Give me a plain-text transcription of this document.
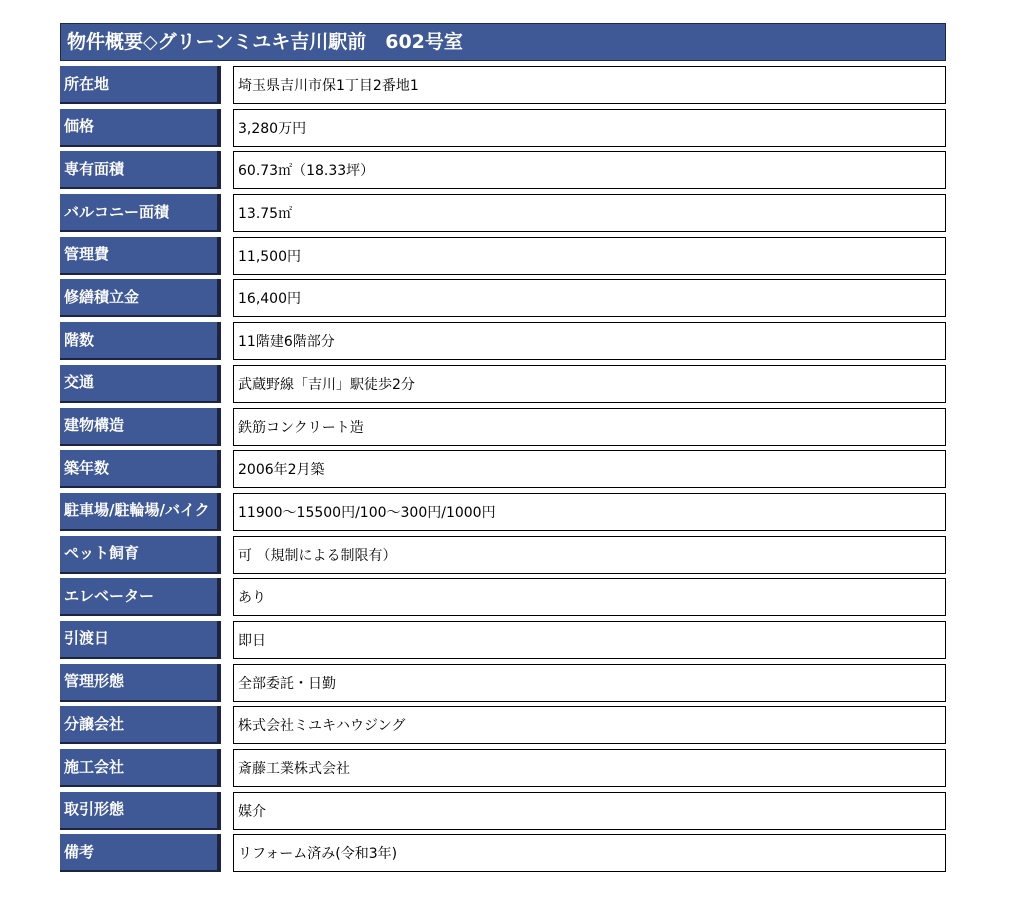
物件概要◇グリーンミユキ吉川駅前　602号室
所在地	埼玉県吉川市保1丁目2番地1
価格	3,280万円
専有面積	60.73㎡（18.33坪）
バルコニー面積	13.75㎡
管理費	11,500円
修繕積立金	16,400円
階数	11階建6階部分
交通	武蔵野線「吉川」駅徒歩2分
建物構造	鉄筋コンクリート造
築年数	2006年2月築
駐車場/駐輪場/バイク	11900～15500円/100～300円/1000円
ペット飼育	可 （規制による制限有）
エレベーター	あり
引渡日	即日
管理形態	全部委託・日勤
分譲会社	株式会社ミユキハウジング
施工会社	斎藤工業株式会社
取引形態	媒介
備考	リフォーム済み(令和3年)
